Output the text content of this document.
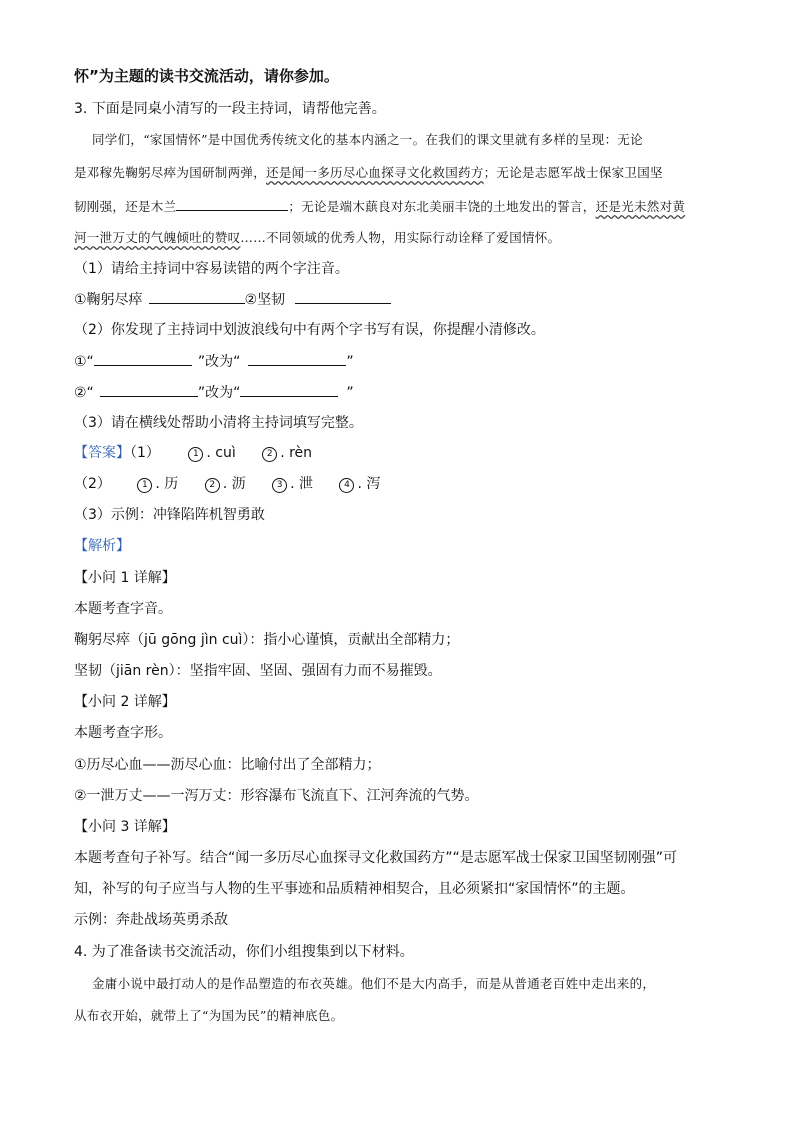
怀”为主题的读书交流活动，请你参加。
3. 下面是同桌小清写的一段主持词，请帮他完善。
同学们，“家国情怀”是中国优秀传统文化的基本内涵之一。在我们的课文里就有多样的呈现：无论
是邓稼先鞠躬尽瘁为国研制两弹，还是闻一多历尽心血探寻文化救国药方；无论是志愿军战士保家卫国坚
韧刚强，还是木兰	；无论是端木蕻良对东北美丽丰饶的土地发出的誓言，还是光未然对黄
河一泄万丈的气魄倾吐的赞叹……不同领域的优秀人物，用实际行动诠释了爱国情怀。
（1）请给主持词中容易读错的两个字注音。
①鞠躬尽瘁	②坚韧
（2）你发现了主持词中划波浪线句中有两个字书写有误，你提醒小清修改。
①“	”改为“	”
②“	”改为“	”
（3）请在横线处帮助小清将主持词填写完整。
【答案】（1）	1 . cuì	2 . rèn
（2）	1 . 历	2 . 沥	3 . 泄	4 . 泻
（3）示例：冲锋陷阵机智勇敢
【解析】
【小问 1 详解】
本题考查字音。
鞠躬尽瘁（jū gōng jìn cuì）：指小心谨慎，贡献出全部精力；
坚韧（jiān rèn）：坚指牢固、坚固、强固有力而不易摧毁。
【小问 2 详解】
本题考查字形。
①历尽心血——沥尽心血：比喻付出了全部精力；
②一泄万丈——一泻万丈：形容瀑布飞流直下、江河奔流的气势。
【小问 3 详解】
本题考查句子补写。结合“闻一多历尽心血探寻文化救国药方”“是志愿军战士保家卫国坚韧刚强”可
知，补写的句子应当与人物的生平事迹和品质精神相契合，且必须紧扣“家国情怀”的主题。
示例：奔赴战场英勇杀敌
4. 为了准备读书交流活动，你们小组搜集到以下材料。
金庸小说中最打动人的是作品塑造的布衣英雄。他们不是大内高手，而是从普通老百姓中走出来的，
从布衣开始，就带上了“为国为民”的精神底色。
